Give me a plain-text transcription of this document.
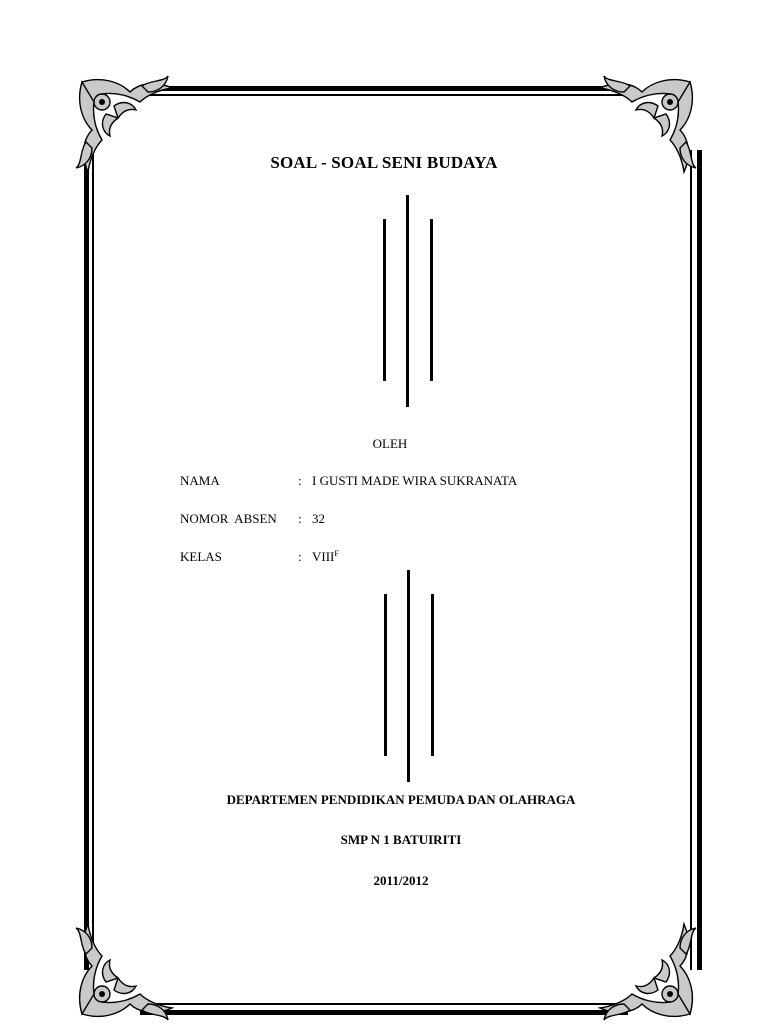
SOAL - SOAL SENI BUDAYA
OLEH
NAMA	: I GUSTI MADE WIRA SUKRANATA
NOMOR  ABSEN : 32
KELAS	: $VIII^F$
DEPARTEMEN PENDIDIKAN PEMUDA DAN OLAHRAGA
SMP N 1 BATUIRITI
2011/2012
